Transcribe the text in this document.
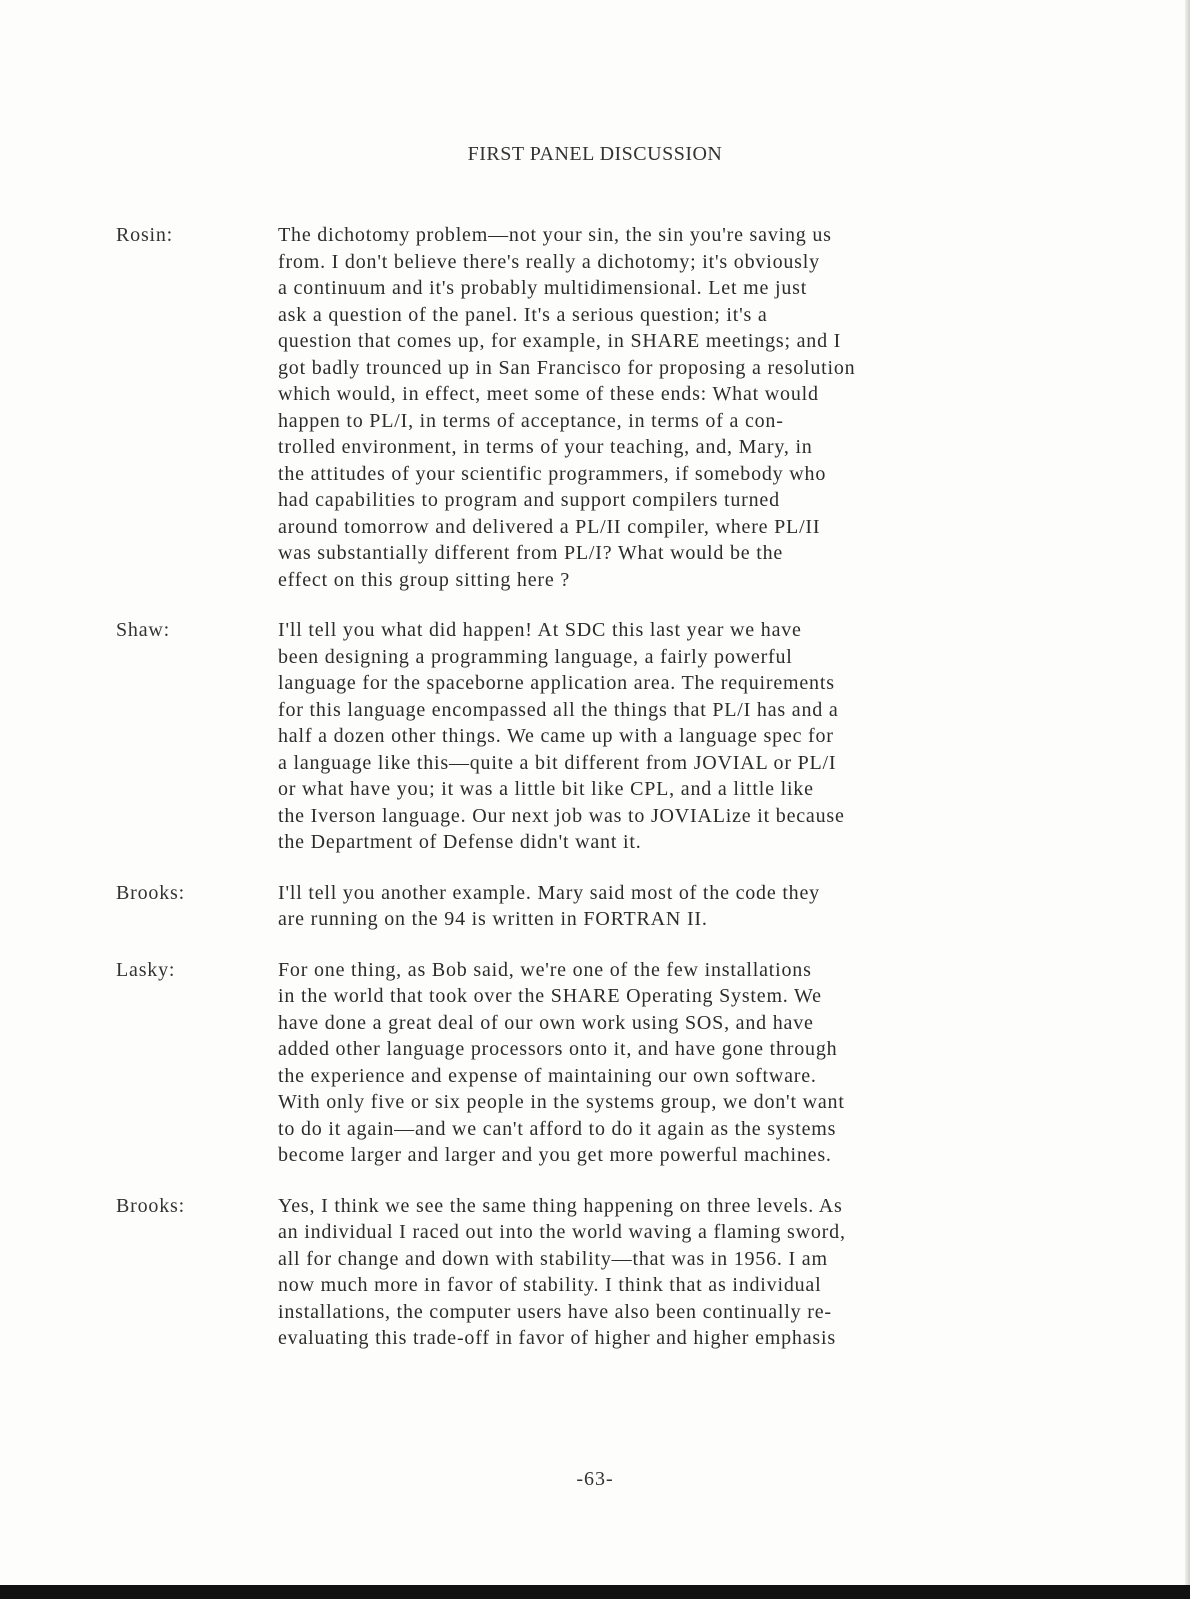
FIRST PANEL DISCUSSION
Rosin:	The dichotomy problem—not your sin, the sin you're saving us
from. I don't believe there's really a dichotomy; it's obviously
a continuum and it's probably multidimensional. Let me just
ask a question of the panel. It's a serious question; it's a
question that comes up, for example, in SHARE meetings; and I
got badly trounced up in San Francisco for proposing a resolution
which would, in effect, meet some of these ends: What would
happen to PL/I, in terms of acceptance, in terms of a con-
trolled environment, in terms of your teaching, and, Mary, in
the attitudes of your scientific programmers, if somebody who
had capabilities to program and support compilers turned
around tomorrow and delivered a PL/II compiler, where PL/II
was substantially different from PL/I? What would be the
effect on this group sitting here ?
Shaw:	I'll tell you what did happen! At SDC this last year we have
been designing a programming language, a fairly powerful
language for the spaceborne application area. The requirements
for this language encompassed all the things that PL/I has and a
half a dozen other things. We came up with a language spec for
a language like this—quite a bit different from JOVIAL or PL/I
or what have you; it was a little bit like CPL, and a little like
the Iverson language. Our next job was to JOVIALize it because
the Department of Defense didn't want it.
Brooks:	I'll tell you another example. Mary said most of the code they
are running on the 94 is written in FORTRAN II.
Lasky:	For one thing, as Bob said, we're one of the few installations
in the world that took over the SHARE Operating System. We
have done a great deal of our own work using SOS, and have
added other language processors onto it, and have gone through
the experience and expense of maintaining our own software.
With only five or six people in the systems group, we don't want
to do it again—and we can't afford to do it again as the systems
become larger and larger and you get more powerful machines.
Brooks:	Yes, I think we see the same thing happening on three levels. As
an individual I raced out into the world waving a flaming sword,
all for change and down with stability—that was in 1956. I am
now much more in favor of stability. I think that as individual
installations, the computer users have also been continually re-
evaluating this trade-off in favor of higher and higher emphasis
-63-
